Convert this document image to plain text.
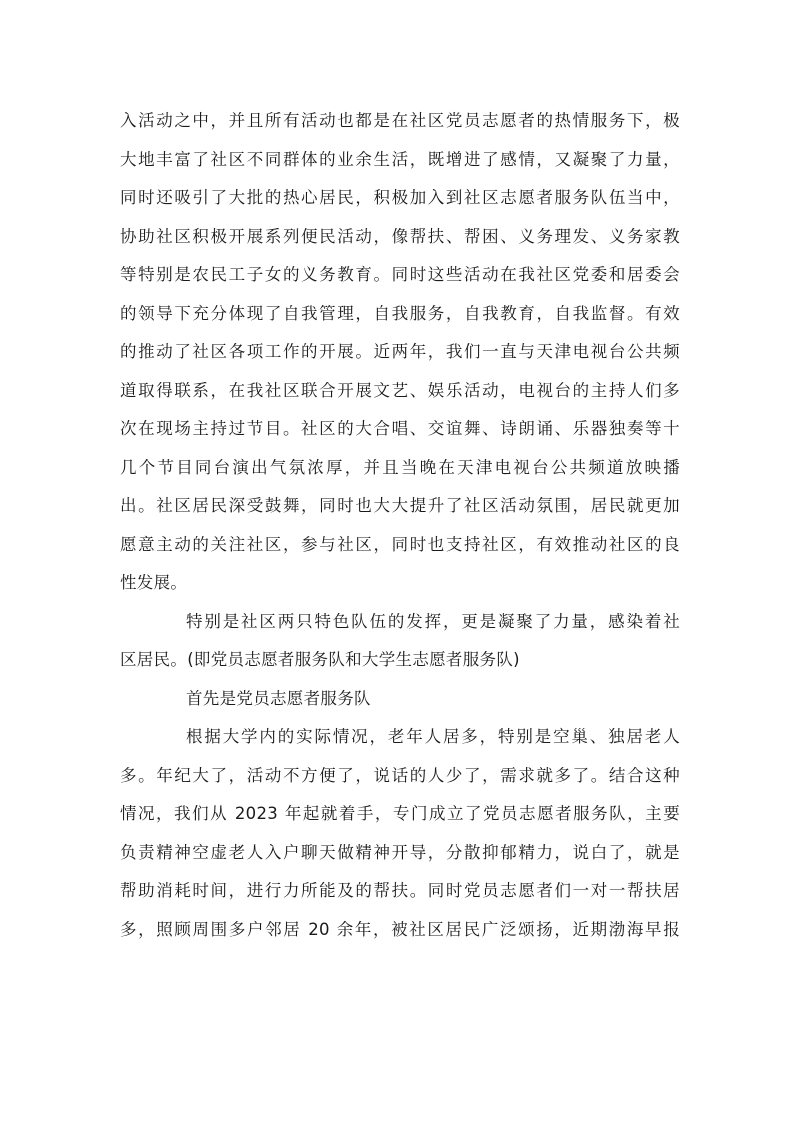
入活动之中，并且所有活动也都是在社区党员志愿者的热情服务下，极
大地丰富了社区不同群体的业余生活，既增进了感情，又凝聚了力量，
同时还吸引了大批的热心居民，积极加入到社区志愿者服务队伍当中，
协助社区积极开展系列便民活动，像帮扶、帮困、义务理发、义务家教
等特别是农民工子女的义务教育。同时这些活动在我社区党委和居委会
的领导下充分体现了自我管理，自我服务，自我教育，自我监督。有效
的推动了社区各项工作的开展。近两年，我们一直与天津电视台公共频
道取得联系，在我社区联合开展文艺、娱乐活动，电视台的主持人们多
次在现场主持过节目。社区的大合唱、交谊舞、诗朗诵、乐器独奏等十
几个节目同台演出气氛浓厚，并且当晚在天津电视台公共频道放映播
出。社区居民深受鼓舞，同时也大大提升了社区活动氛围，居民就更加
愿意主动的关注社区，参与社区，同时也支持社区，有效推动社区的良
性发展。
特别是社区两只特色队伍的发挥，更是凝聚了力量，感染着社
区居民。(即党员志愿者服务队和大学生志愿者服务队)
首先是党员志愿者服务队
根据大学内的实际情况，老年人居多，特别是空巢、独居老人
多。年纪大了，活动不方便了，说话的人少了，需求就多了。结合这种
情况，我们从 2023 年起就着手，专门成立了党员志愿者服务队，主要
负责精神空虚老人入户聊天做精神开导，分散抑郁精力，说白了，就是
帮助消耗时间，进行力所能及的帮扶。同时党员志愿者们一对一帮扶居
多，照顾周围多户邻居 20 余年，被社区居民广泛颂扬，近期渤海早报
